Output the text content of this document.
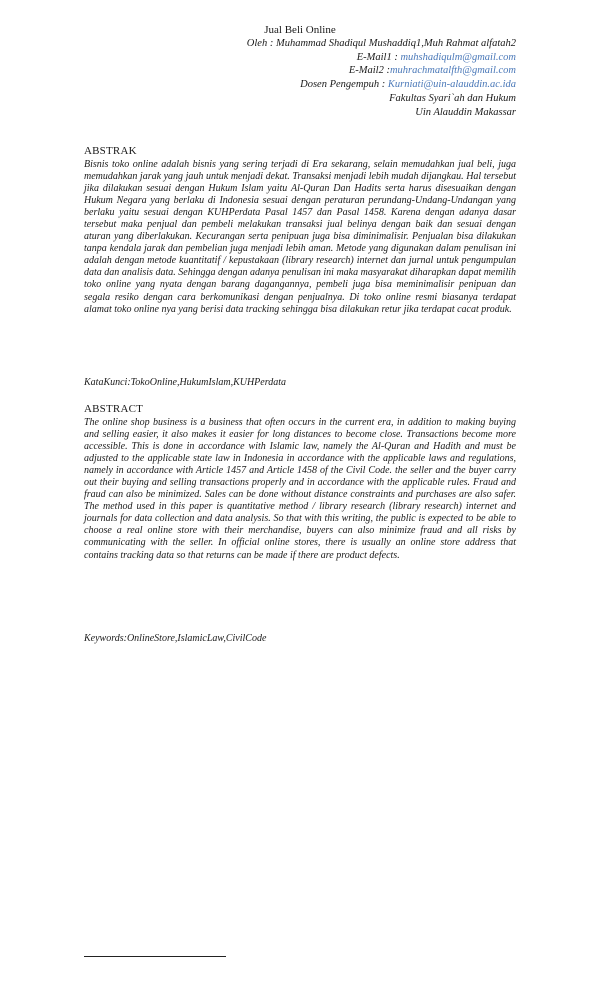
Jual Beli Online
Oleh : Muhammad Shadiqul Mushaddiq1,Muh Rahmat alfatah2
E-Mail1 : muhshadiqulm@gmail.com
E-Mail2 :muhrachmatalfth@gmail.com
Dosen Pengempuh : Kurniati@uin-alauddin.ac.ida
Fakultas Syari`ah dan Hukum
Uin Alauddin Makassar
ABSTRAK
Bisnis toko online adalah bisnis yang sering terjadi di Era sekarang, selain memudahkan jual beli, juga memudahkan jarak yang jauh untuk menjadi dekat. Transaksi menjadi lebih mudah dijangkau. Hal tersebut jika dilakukan sesuai dengan Hukum Islam yaitu Al-Quran Dan Hadits serta harus disesuaikan dengan Hukum Negara yang berlaku di Indonesia sesuai dengan peraturan perundang-Undang-Undangan yang berlaku yaitu sesuai dengan KUHPerdata Pasal 1457 dan Pasal 1458. Karena dengan adanya dasar tersebut maka penjual dan pembeli melakukan transaksi jual belinya dengan baik dan sesuai dengan aturan yang diberlakukan. Kecurangan serta penipuan juga bisa diminimalisir. Penjualan bisa dilakukan tanpa kendala jarak dan pembelian juga menjadi lebih aman. Metode yang digunakan dalam penulisan ini adalah dengan metode kuantitatif / kepustakaan (library research) internet dan jurnal untuk pengumpulan data dan analisis data. Sehingga dengan adanya penulisan ini maka masyarakat diharapkan dapat memilih toko online yang nyata dengan barang dagangannya, pembeli juga bisa meminimalisir penipuan dan segala resiko dengan cara berkomunikasi dengan penjualnya. Di toko online resmi biasanya terdapat alamat toko online nya yang berisi data tracking sehingga bisa dilakukan retur jika terdapat cacat produk.
KataKunci:TokoOnline,HukumIslam,KUHPerdata
ABSTRACT
The online shop business is a business that often occurs in the current era, in addition to making buying and selling easier, it also makes it easier for long distances to become close. Transactions become more accessible. This is done in accordance with Islamic law, namely the Al-Quran and Hadith and must be adjusted to the applicable state law in Indonesia in accordance with the applicable laws and regulations, namely in accordance with Article 1457 and Article 1458 of the Civil Code. the seller and the buyer carry out their buying and selling transactions properly and in accordance with the applicable rules. Fraud and fraud can also be minimized. Sales can be done without distance constraints and purchases are also safer. The method used in this paper is quantitative method / library research (library research) internet and journals for data collection and data analysis. So that with this writing, the public is expected to be able to choose a real online store with their merchandise, buyers can also minimize fraud and all risks by communicating with the seller. In official online stores, there is usually an online store address that contains tracking data so that returns can be made if there are product defects.
Keywords:OnlineStore,IslamicLaw,CivilCode
